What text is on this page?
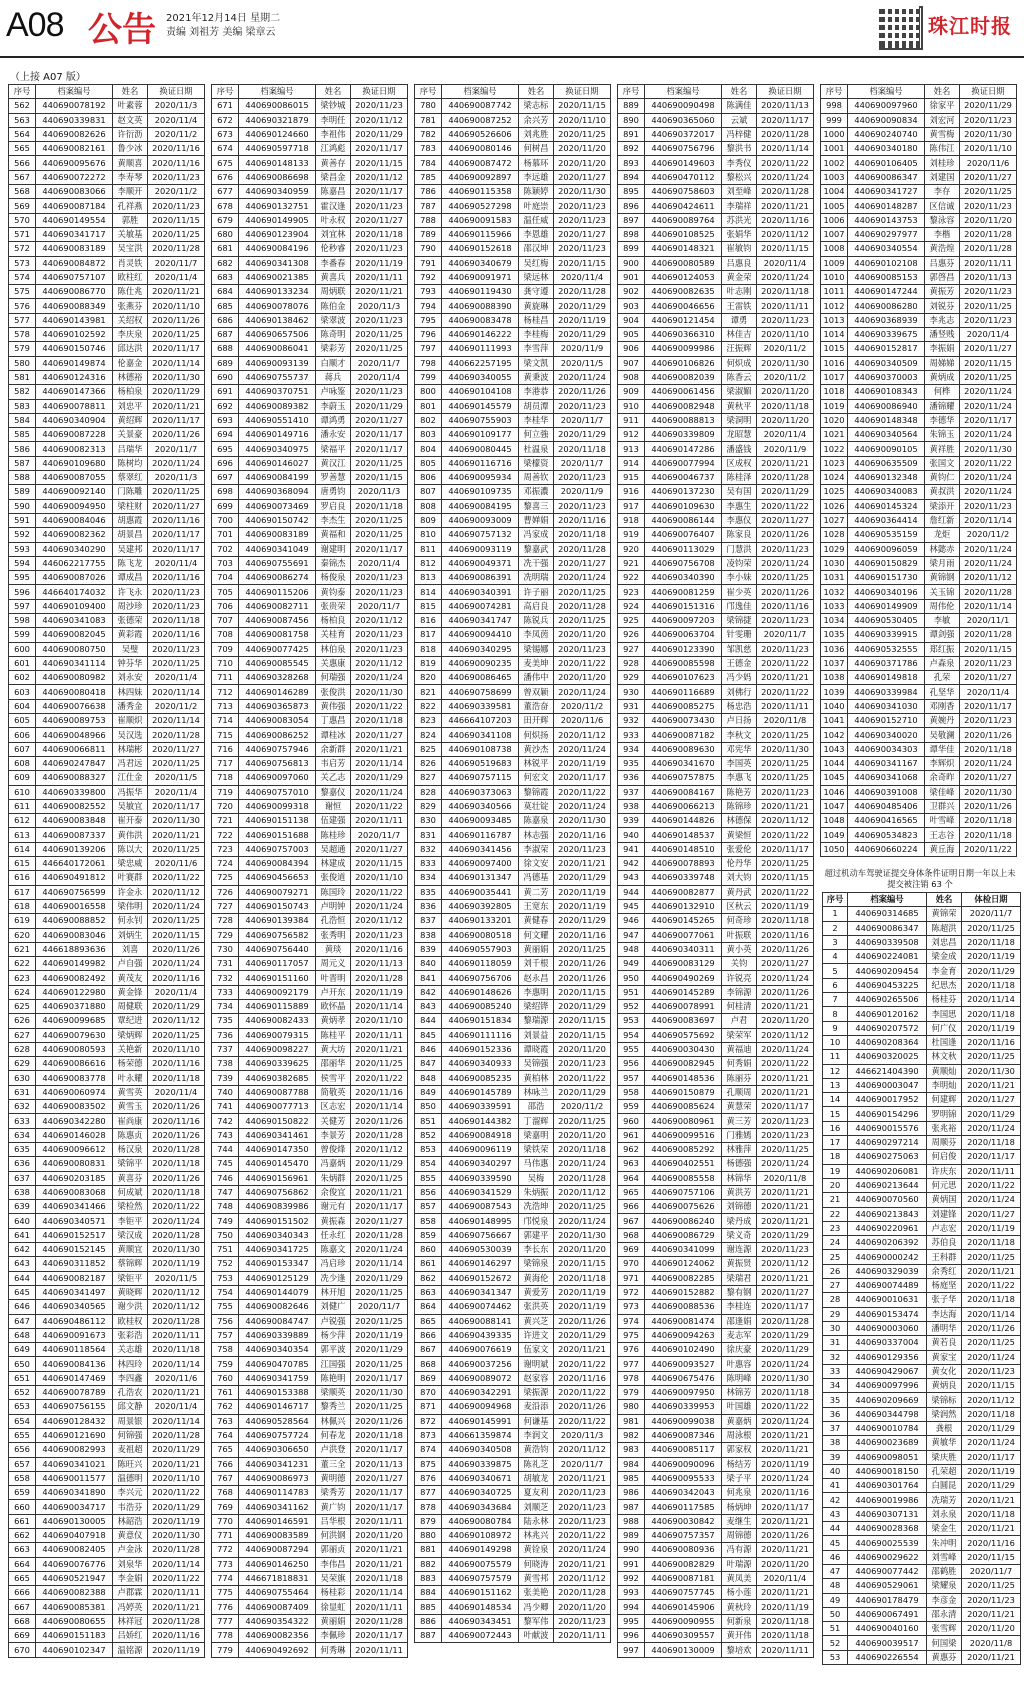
A08 公告 2021年12月14日 星期二
责编 刘祖芳 美编 梁章云	珠江时报
（上接 A07 版）
序号	档案编号	姓名	换证日期
562	440690078192	叶素蓉	2020/11/3
563	440690339831	赵文英	2020/11/4
564	440690082626	许衍沥	2020/11/2
565	440690082161	鲁少冰	2020/11/16
566	440690095676	黄顺喜	2020/11/16
567	440690072272	李寿琴	2020/11/23
568	440690083066	李顺开	2020/11/2
569	440690087184	孔祥燕	2020/11/23
570	440690149554	郭胜	2020/11/15
571	440690341717	关敏基	2020/11/25
572	440690083189	吴宝洪	2020/11/28
573	440690084872	肖灵铁	2020/11/7
574	440690757107	欧柱红	2020/11/4
575	440690086770	陈仕兆	2020/11/21
576	440690088349	张燕芬	2020/11/10
577	440690143981	关绍权	2020/11/26
578	440690102592	李庆泉	2020/11/25
579	440690150746	邱达洪	2020/11/17
580	440690149874	伦嘉金	2020/11/14
581	440690124316	林德裕	2020/11/30
582	440690147366	杨柏泉	2020/11/29
583	440690078811	刘忠平	2020/11/21
584	440690340904	黄绍辉	2020/11/17
585	440690087228	关景豪	2020/11/26
586	440690082313	吕瑞华	2020/11/7
587	440690109680	陈树均	2020/11/24
588	440690087055	蔡翠红	2020/11/3
589	440690092140	门陈雕	2020/11/25
590	440690094950	梁柱财	2020/11/27
591	440690084046	胡惠霞	2020/11/16
592	440690082362	胡景昌	2020/11/17
593	440690340290	吴建邦	2020/11/17
594	446062217755	陈飞龙	2020/11/4
595	440690087026	谭成昌	2020/11/16
596	446640174032	许飞永	2020/11/23
597	440690109400	周沙珍	2020/11/23
598	440690341083	张德荣	2020/11/18
599	440690082045	黄彩霞	2020/11/16
600	440690080750	吴璧	2020/11/23
601	440690341114	钟芬华	2020/11/25
602	440690080982	刘永安	2020/11/4
603	440690080418	林四妹	2020/11/14
604	440690076638	潘秀金	2020/11/2
605	440690089753	崔顺炽	2020/11/14
606	440690048966	吴汉选	2020/11/28
607	440690066811	林瑞彬	2020/11/27
608	440690247847	冯君远	2020/11/25
609	440690088327	江仕金	2020/11/5
610	440690339800	冯振华	2020/11/4
611	440690082552	吴敏宜	2020/11/17
612	440690083848	崔开泰	2020/11/30
613	440690087337	黄伟洪	2020/11/21
614	440690139206	陈以大	2020/11/25
615	446640172061	梁忠威	2020/11/6
616	440690491812	叶赛群	2020/11/22
617	440690756599	许金永	2020/11/12
618	440690016558	梁伟明	2020/11/24
619	440690088852	何永钊	2020/11/25
620	440690083046	刘炳生	2020/11/15
621	446618893636	刘喜	2020/11/26
622	440690149982	卢自强	2020/11/24
623	440690082492	黄茂友	2020/11/16
624	440690122980	黄金锋	2020/11/4
625	440690371880	周健联	2020/11/29
626	440690099685	覃纪进	2020/11/12
627	440690079630	梁炳辉	2020/11/25
628	440690080593	关艳新	2020/11/10
629	440690086616	杨荣德	2020/11/16
630	440690083778	叶永耀	2020/11/18
631	440690060974	黄雪英	2020/11/4
632	440690083502	黄雪玉	2020/11/26
633	440690342280	崔尚康	2020/11/16
634	440690146028	陈惠贞	2020/11/26
635	440690096612	杨汉泉	2020/11/28
636	440690080831	梁锦平	2020/11/18
637	440690203185	黄喜芬	2020/11/26
638	440690083068	何成斌	2020/11/18
639	440690341466	梁检然	2020/11/22
640	440690340571	李钜平	2020/11/24
641	440690152517	梁汉成	2020/11/28
642	440690152145	黄顺宜	2020/11/30
643	440690311852	蔡锦辉	2020/11/19
644	440690082187	梁钜平	2020/11/5
645	440690341497	黄晓辉	2020/11/12
646	440690340565	谢少洪	2020/11/12
647	440690486112	欧桂权	2020/11/28
648	440690091673	张彩浩	2020/11/11
649	440690118564	关志雄	2020/11/18
650	440690084136	林四玲	2020/11/14
651	440690147469	李四鑫	2020/11/6
652	440690078789	孔浩农	2020/11/21
653	440690756155	邱文静	2020/11/4
654	440690128432	周景银	2020/11/14
655	440690121690	何锦强	2020/11/28
656	440690082993	麦祖超	2020/11/29
657	440690341021	陈旺兴	2020/11/21
658	440690011577	温德明	2020/11/10
659	440690341890	李兴元	2020/11/22
660	440690034717	韦浩芬	2020/11/29
661	440690130005	林韶浩	2020/11/19
662	440690407918	黄意仪	2020/11/30
663	440690082405	卢金泳	2020/11/28
664	440690076776	刘泉华	2020/11/14
665	440690521947	李金娟	2020/11/22
666	440690082388	卢郡霖	2020/11/11
667	440690085381	冯婷英	2020/11/21
668	440690080655	林祥冠	2020/11/28
669	440690151183	吕娇红	2020/11/16
670	440690102347	温铭源	2020/11/19
序号	档案编号	姓名	换证日期
671	440690086015	梁钞城	2020/11/23
672	440690321879	李明任	2020/11/12
673	440690124660	李祖伟	2020/11/29
674	440690597718	江鸿彪	2020/11/17
675	440690148133	黄善存	2020/11/15
676	440690086698	梁昌金	2020/11/12
677	440690340959	陈嘉昌	2020/11/17
678	440690132751	霍汉逢	2020/11/23
679	440690149905	叶永权	2020/11/27
680	440690123904	刘宜林	2020/11/18
681	440690084196	伦秒睿	2020/11/23
682	440690341308	李番春	2020/11/19
683	440690021385	黄喜兵	2020/11/11
684	440690133234	周炳联	2020/11/21
685	440690078076	陈伯金	2020/11/3
686	440690138462	梁翠波	2020/11/23
687	440690657506	陈奇明	2020/11/25
688	440690086041	梁彩芳	2020/11/25
689	440690093139	白顺才	2020/11/7
690	440690755737	蒋兵	2020/11/4
691	440690370751	卢咏鉴	2020/11/23
692	440690089382	李蔚玉	2020/11/29
693	440690551410	谭鸿勇	2020/11/27
694	440690149716	潘永安	2020/11/17
695	440690340975	梁福平	2020/11/17
696	440690146027	黄汉江	2020/11/25
697	440690084199	罗善慧	2020/11/15
698	440690368094	唐勇钧	2020/11/3
699	440690073469	罗启良	2020/11/18
700	440690150742	李杰生	2020/11/25
701	440690083189	黄福和	2020/11/25
702	440690341049	谢建明	2020/11/17
703	440690755691	秦锦杰	2020/11/4
704	440690086274	杨俊泉	2020/11/23
705	440690115206	黄钧泰	2020/11/23
706	440690082711	张贵荣	2020/11/7
707	440690087456	杨柏良	2020/11/12
708	440690081758	关桂育	2020/11/23
709	440690077425	林伯泉	2020/11/23
710	440690085545	关惠康	2020/11/12
711	440690328268	何瑞强	2020/11/24
712	440690146289	张俊洪	2020/11/30
713	440690365873	黄伟强	2020/11/22
714	440690083054	丁惠昌	2020/11/18
715	440690086252	谭桂冰	2020/11/27
716	440690757946	余新群	2020/11/21
717	440690756813	韦启芳	2020/11/14
718	440690097060	关乙志	2020/11/29
719	440690757010	黎嘉仪	2020/11/24
720	440690099318	谢恒	2020/11/22
721	440690151138	伍建强	2020/11/11
722	440690151688	陈桂珍	2020/11/7
723	440690757003	吴超通	2020/11/27
724	440690084394	林建成	2020/11/15
725	440690456653	张俊道	2020/11/10
726	440690079271	陈国玲	2020/11/22
727	440690150743	卢明钟	2020/11/24
728	440690139384	孔浩恒	2020/11/12
729	440690756582	张秀明	2020/11/23
730	440690756440	黄琰	2020/11/16
731	440690117057	周元义	2020/11/13
732	440690151160	叶晋明	2020/11/28
733	440690092179	卢开东	2020/11/19
734	440690115889	欧怀晶	2020/11/14
735	440690082433	黄炳孝	2020/11/10
736	440690079315	陈桂平	2020/11/11
737	440690098227	黄大坊	2020/11/21
738	440690339625	邵丽华	2020/11/25
739	440690382685	侯雪平	2020/11/22
740	440690087788	简敬英	2020/11/16
741	440690077713	区志宏	2020/11/14
742	440690150822	关健芳	2020/11/26
743	440690341461	李景芳	2020/11/28
744	440690147350	曾俊烽	2020/11/12
745	440690145470	冯嘉炳	2020/11/29
746	440690156961	朱炳群	2020/11/25
747	440690756862	余俊宜	2020/11/21
748	440690839986	谢元有	2020/11/17
749	440690151502	黄振森	2020/11/27
750	440690340343	任永红	2020/11/28
751	440690341725	陈嘉文	2020/11/24
752	440690153347	冯启珍	2020/11/14
753	440690125129	冼少逢	2020/11/29
754	440690144079	林开旭	2020/11/25
755	440690082646	刘健广	2020/11/7
756	440690084747	卢锐强	2020/11/25
757	440690339889	杨少萍	2020/11/19
758	440690340354	郭平波	2020/11/29
759	440690470785	江国强	2020/11/25
760	440690341759	陈艳明	2020/11/17
761	440690153388	梁顺英	2020/11/30
762	440690146717	黎秀兰	2020/11/25
763	440690528564	林佩兴	2020/11/26
764	440690757724	何春龙	2020/11/18
765	440690306650	卢洪登	2020/11/17
766	440690341231	董三全	2020/11/13
767	440690086973	黄明德	2020/11/27
768	440690114783	梁秀芳	2020/11/17
769	440690341162	黄广钧	2020/11/17
770	440690146591	吕华根	2020/11/11
771	440690083589	何洪钢	2020/11/20
772	440690087294	郭丽贞	2020/11/21
773	440690146250	李伟昌	2020/11/21
774	446671818831	吴荣旗	2020/11/18
775	440690755464	杨桂彩	2020/11/14
776	440690087409	徐显虹	2020/11/11
777	440690354322	黄丽娟	2020/11/28
778	440690082356	李佩珍	2020/11/17
779	440690492692	何秀琳	2020/11/11
序号	档案编号	姓名	换证日期
780	440690087742	梁志标	2020/11/15
781	440690087252	余兴芳	2020/11/10
782	440690526606	刘兆胜	2020/11/25
783	440690080146	何树昌	2020/11/20
784	440690087472	杨慕环	2020/11/20
785	440690092897	李远雄	2020/11/27
786	440690115358	陈颖婷	2020/11/30
787	440690527298	叶庭崇	2020/11/23
788	440690091583	温任威	2020/11/23
789	440690115966	李恩雄	2020/11/27
790	440690152618	邵汉坤	2020/11/23
791	440690340679	吴红梅	2020/11/15
792	440690091971	梁远林	2020/11/4
793	440690119430	龚守遵	2020/11/28
794	440690088390	黄旋琳	2020/11/29
795	440690083478	杨桂昌	2020/11/19
796	440690146222	李桂梅	2020/11/29
797	440690111993	李雪萍	2020/11/9
798	440662257195	梁文凯	2020/11/5
799	440690340055	黄秉波	2020/11/24
800	440690104108	李港恭	2020/11/26
801	440690145579	胡员潭	2020/11/23
802	440690755903	李桂华	2020/11/7
803	440690109177	何立強	2020/11/29
804	440690080445	杜温泉	2020/11/18
805	440690116716	梁檬资	2020/11/7
806	440690095934	周善钦	2020/11/23
807	440690109735	邓振濃	2020/11/9
808	440690084195	黎喜三	2020/11/23
809	440690093009	曹婵娟	2020/11/16
810	440690757132	冯家成	2020/11/18
811	440690093119	黎嘉武	2020/11/28
812	440690049371	冼干强	2020/11/27
813	440690086391	冼明瑞	2020/11/24
814	440690340391	许子丽	2020/11/25
815	440690074281	高启良	2020/11/28
816	440690341747	陈锐兵	2020/11/25
817	440690094410	李凤茵	2020/11/20
818	440690340295	梁锡娜	2020/11/23
819	440690090235	麦美坤	2020/11/22
820	440690086465	潘伟中	2020/11/20
821	440690758699	曾双颖	2020/11/24
822	440690339581	董浩奋	2020/11/2
823	446664107203	田开辉	2020/11/6
824	440690341108	何炽扬	2020/11/12
825	440690108738	黄沙杰	2020/11/24
826	440690519683	林锐平	2020/11/19
827	440690757115	何宏文	2020/11/17
828	440690373063	黎锦霞	2020/11/22
829	440690340566	莫壮锭	2020/11/24
830	440690093485	陈嘉泉	2020/11/30
831	440690116787	林志强	2020/11/16
832	440690341456	李淑荣	2020/11/23
833	440690097400	徐文安	2020/11/21
834	440690131347	冯德基	2020/11/29
835	440690035441	黄二芳	2020/11/19
836	440690392805	王宽东	2020/11/19
837	440690133201	黄健春	2020/11/29
838	440690080518	何文耀	2020/11/16
839	440690557903	黄丽娟	2020/11/25
840	440690118059	刘千根	2020/11/26
841	440690756706	赵永昌	2020/11/26
842	440690148626	李惠明	2020/11/15
843	440690085240	梁绍铧	2020/11/29
844	440690151834	黎瑞源	2020/11/15
845	440690111116	刘景益	2020/11/15
846	440690152336	谭晓霞	2020/11/20
847	440690340933	吴锦强	2020/11/23
848	440690085235	黄柏林	2020/11/22
849	440690145789	林咏兰	2020/11/29
850	440690339591	邵浩	2020/11/2
851	440690144382	丁溜辉	2020/11/25
852	440690084918	梁嘉明	2020/11/20
853	440690096119	梁铁荣	2020/11/18
854	440690340297	马伟惠	2020/11/24
855	440690339590	吴梅	2020/11/28
856	440690341529	朱炳振	2020/11/12
857	440690087543	冼浩坤	2020/11/25
858	440690148995	邝悦泉	2020/11/24
859	440690756667	郭建平	2020/11/30
860	440690530039	李长东	2020/11/20
861	440690146297	梁锦泉	2020/11/15
862	440690152672	黄海伦	2020/11/18
863	440690341347	黄爱芳	2020/11/19
864	440690074462	张洪英	2020/11/19
865	440690088141	黄兴芝	2020/11/26
866	440690439335	许进文	2020/11/29
867	440690076619	伍家文	2020/11/21
868	440690037256	谢明斌	2020/11/22
869	440690089072	赵家容	2020/11/16
870	440690342291	梁振源	2020/11/22
871	440690094968	麦沿添	2020/11/26
872	440690145991	何谦基	2020/11/22
873	440661359874	李润文	2020/11/3
874	440690340508	黄浩钧	2020/11/12
875	440690339875	陈礼芝	2020/11/7
876	440690340671	胡敏龙	2020/11/21
877	440690340725	夏友利	2020/11/23
878	440690343684	刘顺芝	2020/11/23
879	440690080784	陆永林	2020/11/23
880	440690108972	林兆兴	2020/11/22
881	440690149298	黄铨泉	2020/11/24
882	440690075579	何晓涛	2020/11/21
883	440690757579	黄雪邦	2020/11/12
884	440690151162	张美艳	2020/11/28
885	440690148534	冯少卿	2020/11/20
886	440690343451	黎军伟	2020/11/23
887	440690072443	叶献波	2020/11/11
序号	档案编号	姓名	换证日期
889	440690090498	陈满佳	2020/11/13
890	440690365060	云斌	2020/11/17
891	440690372017	冯梓健	2020/11/28
892	440690756796	黎洪书	2020/11/14
893	440690149603	李秀仪	2020/11/22
894	440690470112	黎松兴	2020/11/24
895	440690758603	刘至峰	2020/11/28
896	440690424611	李瑞祥	2020/11/21
897	440690089764	苏洪光	2020/11/16
898	440690108525	张娟华	2020/11/12
899	440690148321	崔敏钧	2020/11/15
900	440690080589	吕惠良	2020/11/4
901	440690124053	黄金荣	2020/11/24
902	440690082635	叶志刚	2020/11/18
903	440690046656	王雷铁	2020/11/11
904	440690121454	谭勇	2020/11/23
905	440690366310	林佳吉	2020/11/10
906	440690099986	汪振辉	2020/11/2
907	440690106826	何炽成	2020/11/30
908	440690082039	陈香云	2020/11/2
909	440690061456	梁淑媚	2020/11/20
910	440690082948	黄秋平	2020/11/18
911	440690088813	梁洞明	2020/11/20
912	440690339809	龙昭慧	2020/11/4
913	440690147286	潘盛钱	2020/11/9
914	440690077994	区成权	2020/11/21
915	440690046737	陈桂泽	2020/11/28
916	440690137230	吴有国	2020/11/29
917	440690109630	李惠生	2020/11/22
918	440690086144	李惠仪	2020/11/27
919	440690076407	陈家良	2020/11/26
920	440690113029	门慧洪	2020/11/23
921	440690756708	凌钧荣	2020/11/24
922	440690340390	李小妹	2020/11/25
923	440690081259	崔少英	2020/11/26
924	440690151316	邝逸佳	2020/11/16
925	440690097203	梁锦捷	2020/11/23
926	440690063704	针雯珊	2020/11/7
927	440690123390	邹凯慈	2020/11/23
928	440690085598	王德金	2020/11/22
929	440690107623	冯少妈	2020/11/21
930	440690116689	刘佛行	2020/11/22
931	440690085275	杨忠浩	2020/11/11
932	440690073430	卢日扬	2020/11/8
933	440690087182	李秋文	2020/11/25
934	440690089630	邓宪华	2020/11/30
935	440690341670	李国英	2020/11/25
936	440690757875	李惠飞	2020/11/25
937	440690084167	陈艳芳	2020/11/23
938	440690066213	陈锦珍	2020/11/21
939	440690144826	林德保	2020/11/12
940	440690148537	黄梁恒	2020/11/22
941	440690148510	张爱伦	2020/11/17
942	440690078893	伦丹华	2020/11/25
943	440690339748	刘大钧	2020/11/15
944	440690082877	黄丹武	2020/11/22
945	440690132910	区秋云	2020/11/19
946	440690145265	何奇珍	2020/11/18
947	440690077061	叶振联	2020/11/16
948	440690340311	黄小英	2020/11/26
949	440690083129	关钧	2020/11/27
950	440690490269	许锐亮	2020/11/24
951	440690145289	李锦源	2020/11/26
952	440690078991	何桂清	2020/11/21
953	440690083697	卢君	2020/11/20
954	440690575692	梁荣军	2020/11/12
955	440690030430	黄福迪	2020/11/24
956	440690082945	何秀娟	2020/11/22
957	440690148536	陈丽芬	2020/11/21
958	440690150879	孔顺周	2020/11/21
959	440690085624	黄慧荣	2020/11/17
960	440690080961	黄三芳	2020/11/23
961	440690099516	门雅嫣	2020/11/23
962	440690085292	林雅萍	2020/11/25
963	440690402551	杨德强	2020/11/24
964	440690085558	林锦华	2020/11/8
965	440690757106	黄洪芳	2020/11/21
966	440690075626	刘锦德	2020/11/21
967	440690086240	梁丹成	2020/11/21
968	440690086729	梁义奇	2020/11/29
969	440690341099	谢连源	2020/11/23
970	440690124062	黄振贤	2020/11/12
971	440690082285	梁瑞君	2020/11/21
972	440690152882	黎有钢	2020/11/27
973	440690088536	李桂连	2020/11/17
974	440690081474	邵逢娟	2020/11/28
975	440690094263	麦志军	2020/11/29
976	440690102490	徐庆豪	2020/11/29
977	440690093527	叶惠容	2020/11/24
978	440690675476	陈明峰	2020/11/30
979	440690097950	林锦芳	2020/11/18
980	440690339953	叶国雄	2020/11/22
981	440690099038	黄嘉炳	2020/11/24
982	440690087346	周泳根	2020/11/21
983	440690085117	郭家权	2020/11/21
984	440690090096	杨结芳	2020/11/19
985	440690095533	梁子平	2020/11/24
986	440690342043	何兆泉	2020/11/16
987	440690117585	杨炳坤	2020/11/17
988	440690030842	麦继生	2020/11/21
989	440690757357	周锦德	2020/11/26
990	440690080936	冯有源	2020/11/21
991	440690082829	叶瑞源	2020/11/20
992	440690087181	黄凤美	2020/11/4
993	440690757745	杨小莲	2020/11/21
994	440690145906	黄秋玲	2020/11/19
995	440690090955	何新泉	2020/11/18
996	440690309557	黄开伟	2020/11/18
997	440690130009	黎培欢	2020/11/11
序号	档案编号	姓名	换证日期
998	440690097960	徐家平	2020/11/29
999	440690090834	刘宏河	2020/11/23
1000	440690240740	黄雪梅	2020/11/30
1001	440690340180	陈伟江	2020/11/10
1002	440690106405	刘桂珍	2020/11/6
1003	440690086347	刘建国	2020/11/27
1004	440690341727	李存	2020/11/25
1005	440690148287	区信诚	2020/11/23
1006	440690143753	黎泳容	2020/11/20
1007	440690297977	李楷	2020/11/28
1008	440690340554	黄浩煌	2020/11/28
1009	440690102108	吕惠芬	2020/11/11
1010	440690085153	郭啓昌	2020/11/13
1011	440690147244	黄振芳	2020/11/23
1012	440690086280	刘锐芬	2020/11/25
1013	440690368939	李兆志	2020/11/23
1014	440690339675	潘竖贱	2020/11/4
1015	440690152817	李振娟	2020/11/27
1016	440690340509	周娣娣	2020/11/15
1017	440690370003	黄炳成	2020/11/25
1018	440690108343	何桦	2020/11/24
1019	440690086940	潘锦耀	2020/11/24
1020	440690148348	李德华	2020/11/17
1021	440690340564	朱锦玉	2020/11/24
1022	440690090105	黄祥胜	2020/11/30
1023	440690635509	张国文	2020/11/22
1024	440690132348	黄钧仁	2020/11/24
1025	440690340083	黄叔洪	2020/11/24
1026	440690145324	梁添开	2020/11/23
1027	440690364414	詹红新	2020/11/14
1028	440690535159	龙炬	2020/11/2
1029	440690096059	林懿赤	2020/11/24
1030	440690150829	梁月雨	2020/11/24
1031	440690151730	黄锦钢	2020/11/12
1032	440690340196	关玉锦	2020/11/28
1033	440690149909	周伟伦	2020/11/14
1034	440690530405	李敏	2020/11/1
1035	440690339915	谭剑强	2020/11/28
1036	440690532555	郑红振	2020/11/15
1037	440690371786	卢森泉	2020/11/23
1038	440690149818	孔荣	2020/11/27
1039	440690339984	孔坚华	2020/11/4
1040	440690341030	邓刚香	2020/11/17
1041	440690152710	黄婉丹	2020/11/23
1042	440690340020	吴敬澜	2020/11/26
1043	440690034303	谭华佳	2020/11/18
1044	440690341167	李辉炽	2020/11/24
1045	440690341068	余奇昨	2020/11/27
1046	440690391008	梁佳峰	2020/11/30
1047	440690485406	卫群兴	2020/11/26
1048	440690416565	叶雪峰	2020/11/18
1049	440690534823	王志谷	2020/11/18
1050	440690660224	黄丘海	2020/11/22
超过机动车驾驶证提交身体条件证明日期一年以上未提交被注销 63 个
序号	档案编号	姓名	体检日期
1	440690314685	黄锦荣	2020/11/7
2	440690086347	陈超洪	2020/11/25
3	440690339508	刘忠昌	2020/11/18
4	440690224081	梁金成	2020/11/19
5	440690209454	李金育	2020/11/29
6	440690453225	纪思杰	2020/11/18
7	440690265506	杨桂芬	2020/11/14
8	440690120162	李国思	2020/11/18
9	440690207572	何广仪	2020/11/19
10	440690208364	杜国逢	2020/11/16
11	440690320025	林文秋	2020/11/25
12	446621404390	黄顺灿	2020/11/30
13	440690003047	李明灿	2020/11/21
14	440690017952	何建辉	2020/11/27
15	440690154296	罗明锦	2020/11/29
16	440690015576	张兆裕	2020/11/24
17	440690297214	周顺芬	2020/11/18
18	440690275063	何启俊	2020/11/17
19	440690206081	许庆东	2020/11/11
20	440690213644	何元思	2020/11/22
21	440690070560	黄炳国	2020/11/24
22	440690213843	刘建锋	2020/11/27
23	440690220961	卢志宏	2020/11/19
24	440690206392	苏伯良	2020/11/18
25	440690000242	王科群	2020/11/25
26	440690329039	余秀红	2020/11/21
27	440690074489	杨庭坚	2020/11/22
28	440690010631	张子华	2020/11/18
29	440690153474	李达海	2020/11/14
30	440690003060	潘明华	2020/11/26
31	440690337004	黄若良	2020/11/25
32	440690129356	黄家宝	2020/11/24
33	440690429067	黄女化	2020/11/23
34	440690097996	黄炳良	2020/11/15
35	440690209669	梁锦标	2020/11/12
36	440690344798	梁润然	2020/11/18
37	440690010784	龚根	2020/11/29
38	440690023689	黄敏华	2020/11/24
39	440690098051	梁庆胜	2020/11/17
40	440690018150	孔荣超	2020/11/19
41	440690301764	白圆昆	2020/11/29
42	440690019986	冼瑞芳	2020/11/21
43	440690307131	刘永泉	2020/11/18
44	440690028368	梁金生	2020/11/21
45	440690025539	朱冲明	2020/11/16
46	440690029622	刘雪峰	2020/11/15
47	440690077442	邵鹤胜	2020/11/7
48	440690529061	梁耀泉	2020/11/25
49	440690178479	李彦金	2020/11/23
50	440690067491	邵永清	2020/11/21
51	440690040160	张雪辉	2020/11/20
52	440690039517	何国梁	2020/11/8
53	440690226554	黄惠芬	2020/11/21
